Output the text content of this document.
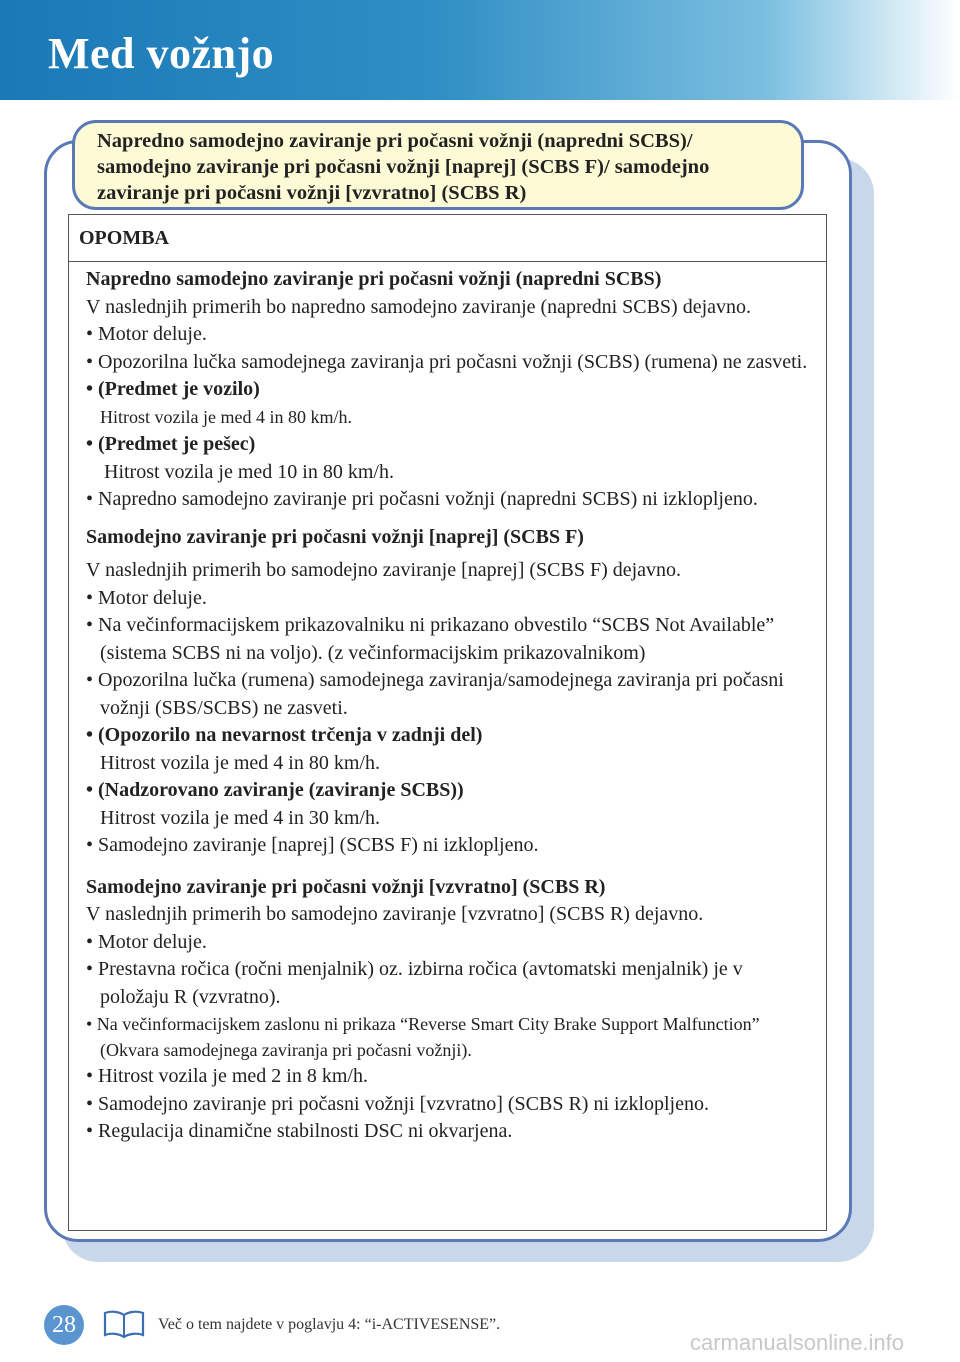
Med vožnjo
Napredno samodejno zaviranje pri počasni vožnji (napredni SCBS)/ samodejno zaviranje pri počasni vožnji [naprej] (SCBS F)/ samodejno zaviranje pri počasni vožnji [vzvratno] (SCBS R)
OPOMBA
Napredno samodejno zaviranje pri počasni vožnji (napredni SCBS)
V naslednjih primerih bo napredno samodejno zaviranje (napredni SCBS) dejavno.
• Motor deluje.
• Opozorilna lučka samodejnega zaviranja pri počasni vožnji (SCBS) (rumena) ne zasveti.
• (Predmet je vozilo)
Hitrost vozila je med 4 in 80 km/h.
• (Predmet je pešec)
Hitrost vozila je med 10 in 80 km/h.
• Napredno samodejno zaviranje pri počasni vožnji (napredni SCBS) ni izklopljeno.
Samodejno zaviranje pri počasni vožnji [naprej] (SCBS F)
V naslednjih primerih bo samodejno zaviranje [naprej] (SCBS F) dejavno.
• Motor deluje.
• Na večinformacijskem prikazovalniku ni prikazano obvestilo “SCBS Not Available” (sistema SCBS ni na voljo). (z večinformacijskim prikazovalnikom)
• Opozorilna lučka (rumena) samodejnega zaviranja/samodejnega zaviranja pri počasni vožnji (SBS/SCBS) ne zasveti.
• (Opozorilo na nevarnost trčenja v zadnji del)
Hitrost vozila je med 4 in 80 km/h.
• (Nadzorovano zaviranje (zaviranje SCBS))
Hitrost vozila je med 4 in 30 km/h.
• Samodejno zaviranje [naprej] (SCBS F) ni izklopljeno.
Samodejno zaviranje pri počasni vožnji [vzvratno] (SCBS R)
V naslednjih primerih bo samodejno zaviranje [vzvratno] (SCBS R) dejavno.
• Motor deluje.
• Prestavna ročica (ročni menjalnik) oz. izbirna ročica (avtomatski menjalnik) je v položaju R (vzvratno).
• Na večinformacijskem zaslonu ni prikaza “Reverse Smart City Brake Support Malfunction” (Okvara samodejnega zaviranja pri počasni vožnji).
• Hitrost vozila je med 2 in 8 km/h.
• Samodejno zaviranje pri počasni vožnji [vzvratno] (SCBS R) ni izklopljeno.
• Regulacija dinamične stabilnosti DSC ni okvarjena.
28	Več o tem najdete v poglavju 4: “i-ACTIVESENSE”.
carmanualsonline.info
